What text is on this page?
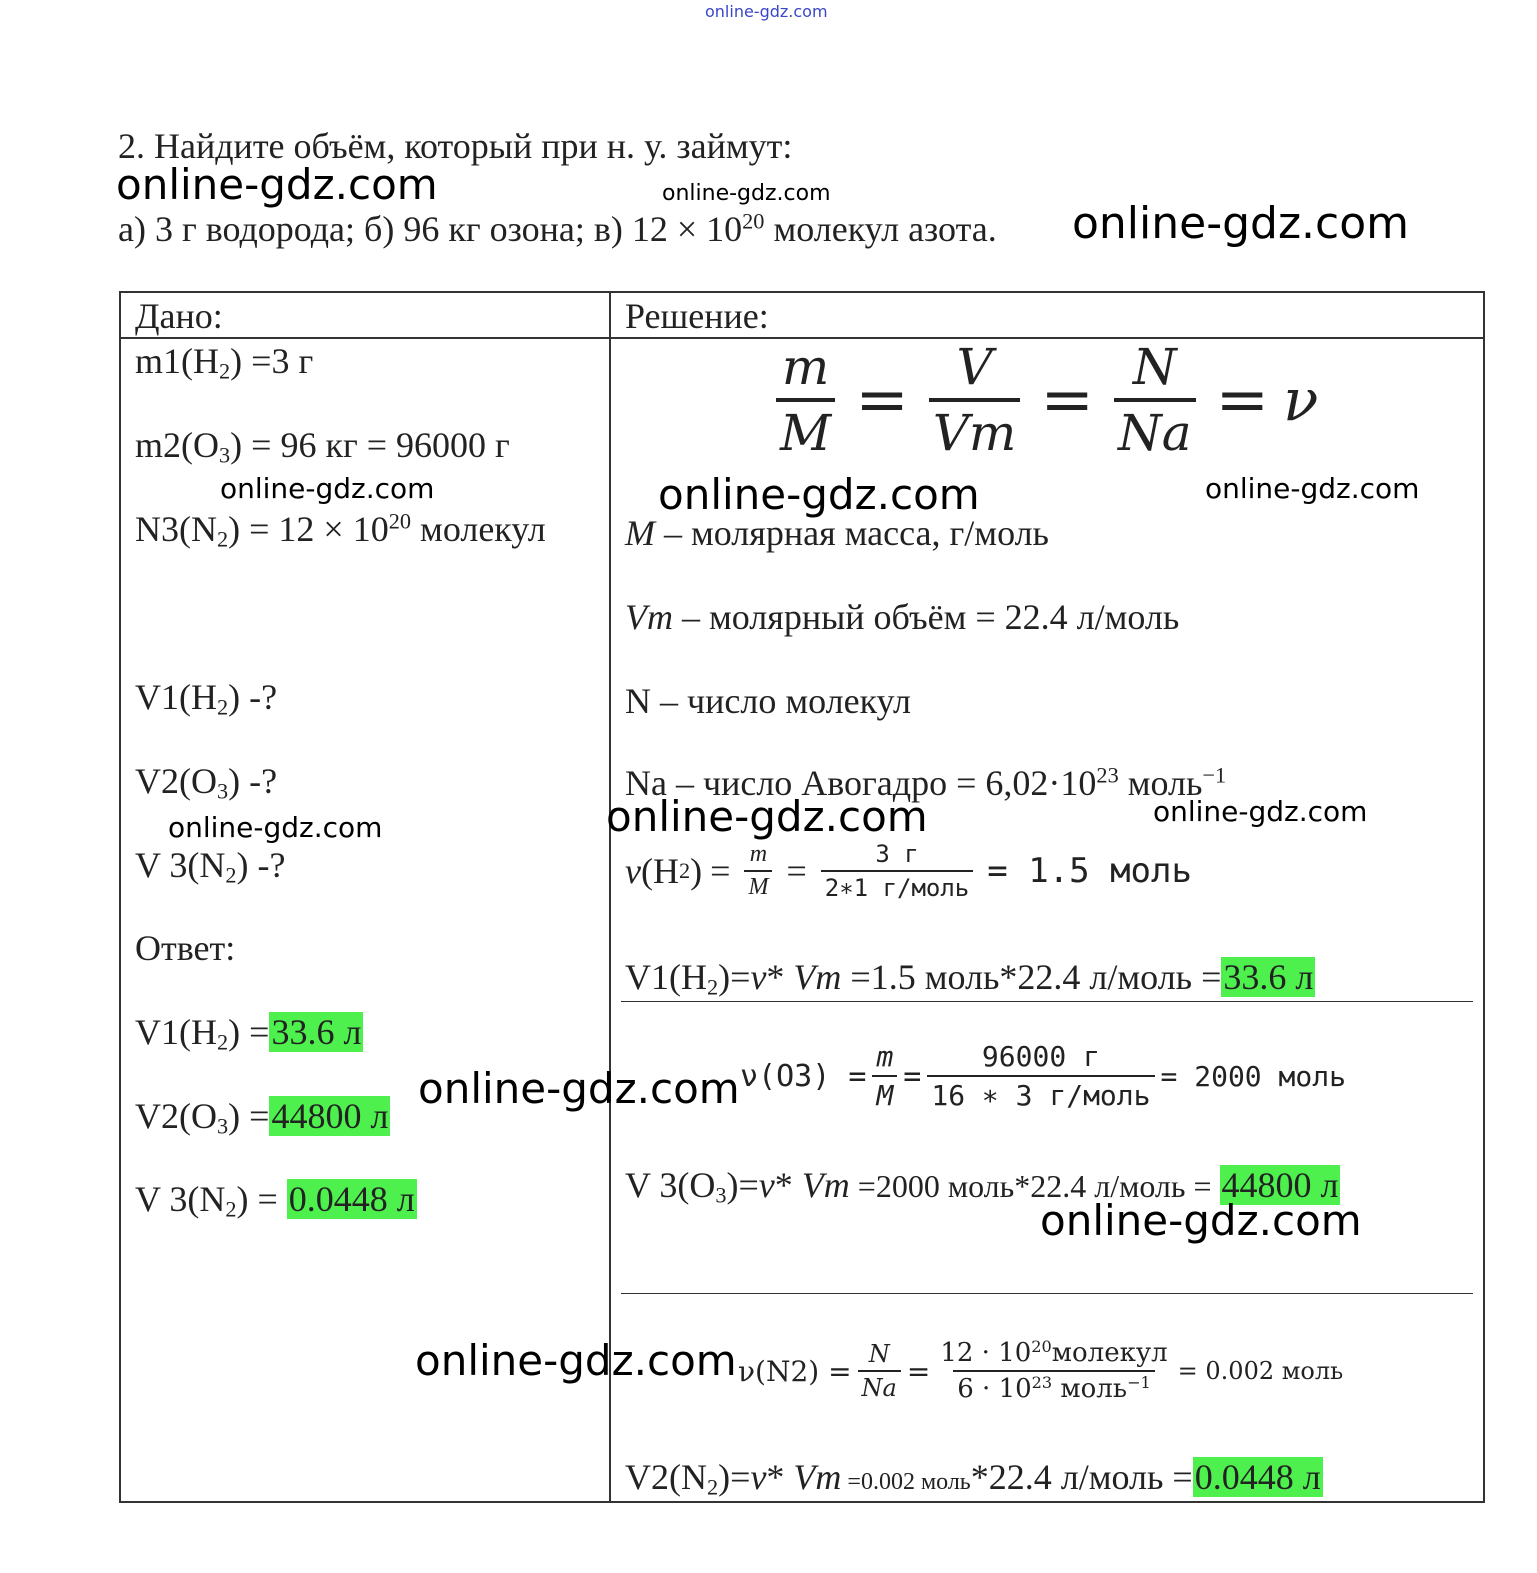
online-gdz.com
2. Найдите объём, который при н. у. займут:
а) 3 г водорода; б) 96 кг озона; в) $12 \times 10^{20}$ молекул азота.
Дано:	Решение:
$m1(H_2) =3$ г
$m2(O_3) = 96$ кг = 96000 г
$N3(N_2) = 12 \times 10^{20}$ молекул
$V1(H_2)$ -?
$V2(O_3)$ -?
V $3(N_2)$ -?
Ответ:
$V1(H_2) =33.6$ л
$V2(O_3) =44800$ л
V $3(N_2) = 0.0448$ л
$\frac{m}{M} = \frac{V}{Vm} = \frac{N}{Na} = \nu$
M – молярная масса, г/моль
Vm – молярный объём = 22.4 л/моль
N – число молекул
Na – число Авогадро = $6,02\cdot 10^{23}$ моль$^{-1}$
ν (H 2 ) = $\frac{m}{M} = \frac{3 г}{\text{2∗1 г/моль}} = 1.5$ моль
$V1(H_2)=\nu*$ Vm =1.5 моль*22.4 л/моль =33.6 л
$\nu(O3) = \frac{m}{M} = \frac{96000 г}{\text{16 ∗ 3 г/моль}} = 2000$ моль
V $3(O_3)=\nu*$ Vm =2000 моль*22.4 л/моль = 44800 л
$\nu(N2) = \frac{N}{Na} = \frac{12 \cdot 10^{20}молекул}{6 \cdot 10^{23} моль^{-1}} = 0.002$ моль
$V2(N_2)=\nu*$ Vm =0.002 моль*22.4 л/моль =0.0448 л
online-gdz.com	online-gdz.com
online-gdz.com
online-gdz.com	online-gdz.com	online-gdz.com
online-gdz.com	online-gdz.com
online-gdz.com
online-gdz.com
online-gdz.com
online-gdz.com
